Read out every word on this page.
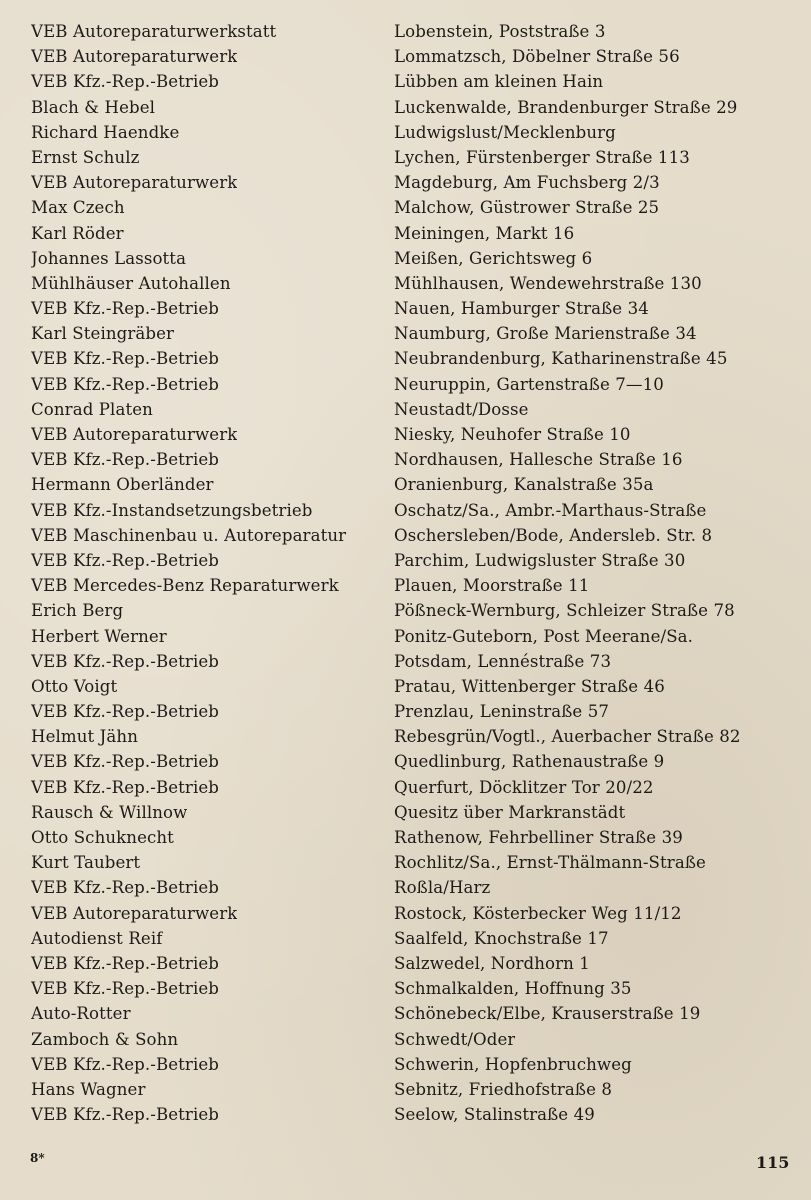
VEB Autoreparaturwerkstatt	Lobenstein, Poststraße 3
VEB Autoreparaturwerk	Lommatzsch, Döbelner Straße 56
VEB Kfz.-Rep.-Betrieb	Lübben am kleinen Hain
Blach & Hebel	Luckenwalde, Brandenburger Straße 29
Richard Haendke	Ludwigslust/Mecklenburg
Ernst Schulz	Lychen, Fürstenberger Straße 113
VEB Autoreparaturwerk	Magdeburg, Am Fuchsberg 2/3
Max Czech	Malchow, Güstrower Straße 25
Karl Röder	Meiningen, Markt 16
Johannes Lassotta	Meißen, Gerichtsweg 6
Mühlhäuser Autohallen	Mühlhausen, Wendewehrstraße 130
VEB Kfz.-Rep.-Betrieb	Nauen, Hamburger Straße 34
Karl Steingräber	Naumburg, Große Marienstraße 34
VEB Kfz.-Rep.-Betrieb	Neubrandenburg, Katharinenstraße 45
VEB Kfz.-Rep.-Betrieb	Neuruppin, Gartenstraße 7—10
Conrad Platen	Neustadt/Dosse
VEB Autoreparaturwerk	Niesky, Neuhofer Straße 10
VEB Kfz.-Rep.-Betrieb	Nordhausen, Hallesche Straße 16
Hermann Oberländer	Oranienburg, Kanalstraße 35a
VEB Kfz.-Instandsetzungsbetrieb	Oschatz/Sa., Ambr.-Marthaus-Straße
VEB Maschinenbau u. Autoreparatur	Oschersleben/Bode, Andersleb. Str. 8
VEB Kfz.-Rep.-Betrieb	Parchim, Ludwigsluster Straße 30
VEB Mercedes-Benz Reparaturwerk	Plauen, Moorstraße 11
Erich Berg	Pößneck-Wernburg, Schleizer Straße 78
Herbert Werner	Ponitz-Guteborn, Post Meerane/Sa.
VEB Kfz.-Rep.-Betrieb	Potsdam, Lennéstraße 73
Otto Voigt	Pratau, Wittenberger Straße 46
VEB Kfz.-Rep.-Betrieb	Prenzlau, Leninstraße 57
Helmut Jähn	Rebesgrün/Vogtl., Auerbacher Straße 82
VEB Kfz.-Rep.-Betrieb	Quedlinburg, Rathenaustraße 9
VEB Kfz.-Rep.-Betrieb	Querfurt, Döcklitzer Tor 20/22
Rausch & Willnow	Quesitz über Markranstädt
Otto Schuknecht	Rathenow, Fehrbelliner Straße 39
Kurt Taubert	Rochlitz/Sa., Ernst-Thälmann-Straße
VEB Kfz.-Rep.-Betrieb	Roßla/Harz
VEB Autoreparaturwerk	Rostock, Kösterbecker Weg 11/12
Autodienst Reif	Saalfeld, Knochstraße 17
VEB Kfz.-Rep.-Betrieb	Salzwedel, Nordhorn 1
VEB Kfz.-Rep.-Betrieb	Schmalkalden, Hoffnung 35
Auto-Rotter	Schönebeck/Elbe, Krauserstraße 19
Zamboch & Sohn	Schwedt/Oder
VEB Kfz.-Rep.-Betrieb	Schwerin, Hopfenbruchweg
Hans Wagner	Sebnitz, Friedhofstraße 8
VEB Kfz.-Rep.-Betrieb	Seelow, Stalinstraße 49
8*	115
